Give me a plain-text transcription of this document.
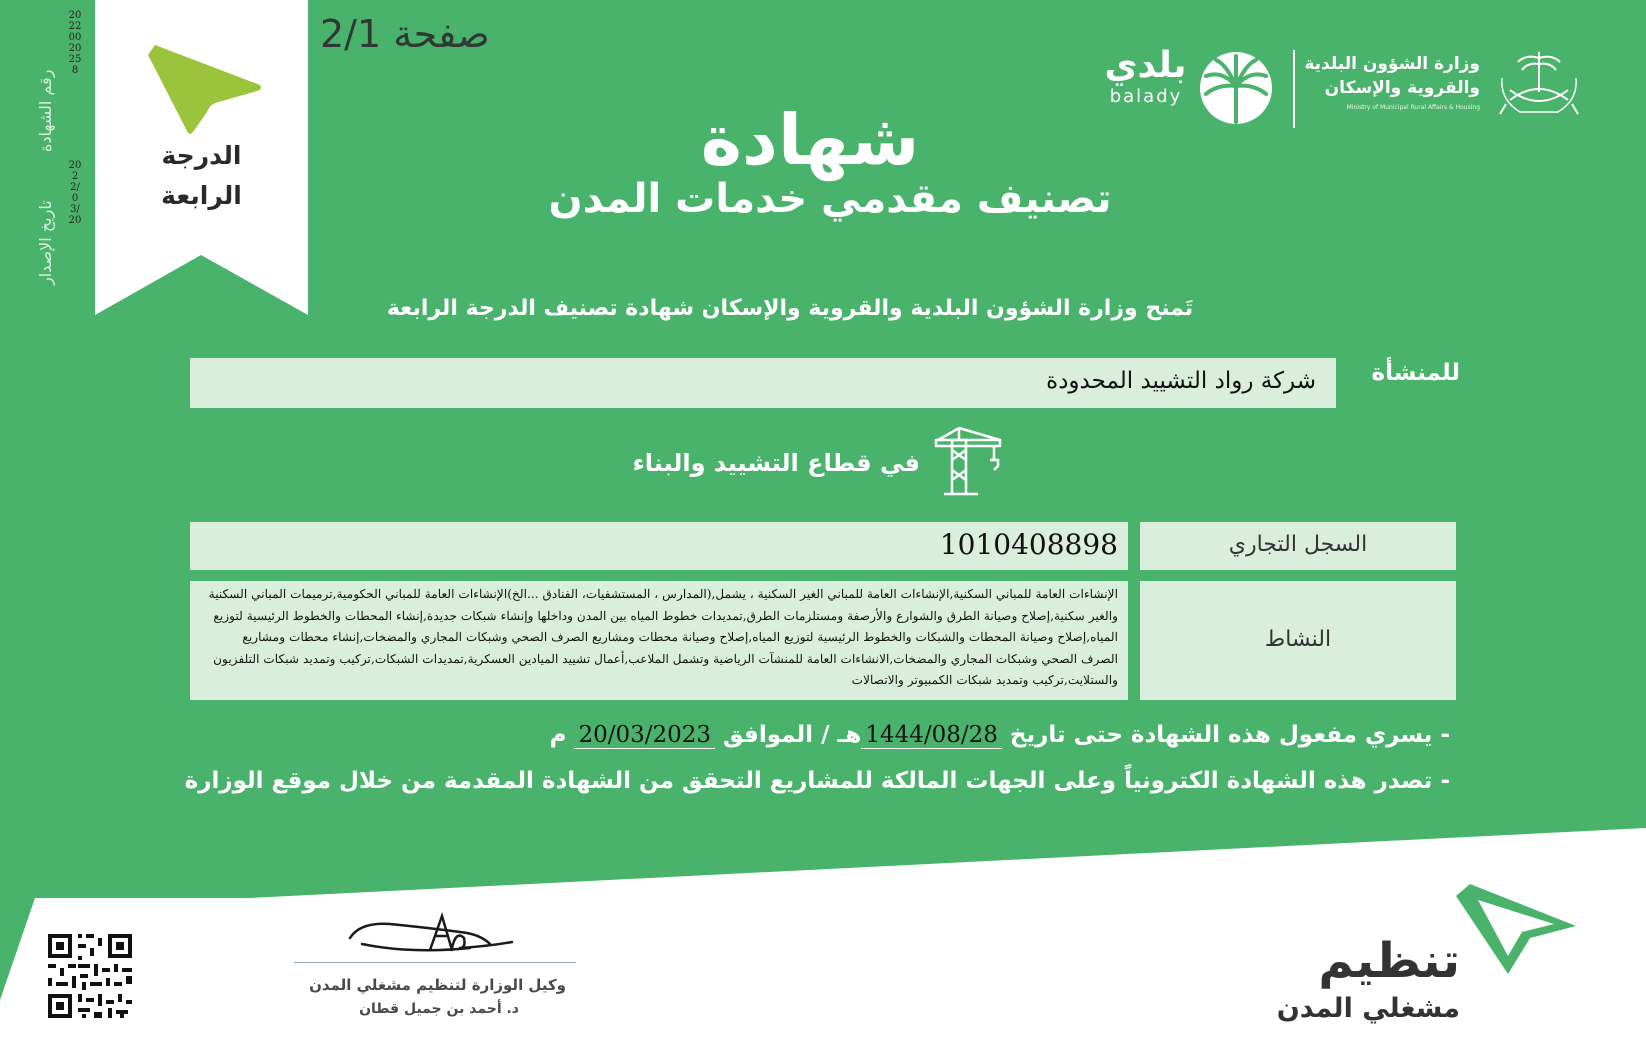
الدرجة
الرابعة
رقم الشهادة
20220020258
تاريخ الإصدار
2022/03/20
صفحة 2/1
وزارة الشؤون البلدية والقروية والإسكان
Ministry of Municipal Rural Affairs & Housing
بلدي
balady
شهادة
تصنيف مقدمي خدمات المدن
تَمنح وزارة الشؤون البلدية والقروية والإسكان شهادة تصنيف الدرجة الرابعة
للمنشأة
شركة رواد التشييد المحدودة
في قطاع التشييد والبناء
السجل التجاري
1010408898
النشاط
الإنشاءات العامة للمباني السكنية,الإنشاءات العامة للمباني الغير السكنية ، يشمل,(المدارس ، المستشفيات، الفنادق ...الخ)الإنشاءات العامة للمباني الحكومية,ترميمات المباني السكنية والغير سكنية,إصلاح وصيانة الطرق والشوارع والأرصفة ومستلزمات الطرق,تمديدات خطوط المياه بين المدن وداخلها وإنشاء شبكات جديدة,إنشاء المحطات والخطوط الرئيسية لتوزيع المياه,إصلاح وصيانة المحطات والشبكات والخطوط الرئيسية لتوزيع المياه,إصلاح وصيانة محطات ومشاريع الصرف الصحي وشبكات المجاري والمضخات,إنشاء محطات ومشاريع الصرف الصحي وشبكات المجاري والمضخات,الانشاءات العامة للمنشآت الرياضية وتشمل الملاعب,أعمال تشييد الميادين العسكرية,تمديدات الشبكات,تركيب وتمديد شبكات التلفزيون والستلايت,تركيب وتمديد شبكات الكمبيوتر والاتصالات
- يسري مفعول هذه الشهادة حتى تاريخ 1444/08/28هـ / الموافق 20/03/2023 م
- تصدر هذه الشهادة الكترونياً وعلى الجهات المالكة للمشاريع التحقق من الشهادة المقدمة من خلال موقع الوزارة
وكيل الوزارة لتنظيم مشغلي المدن
د. أحمد بن جميل قطان
تنظيم
مشغلي المدن
